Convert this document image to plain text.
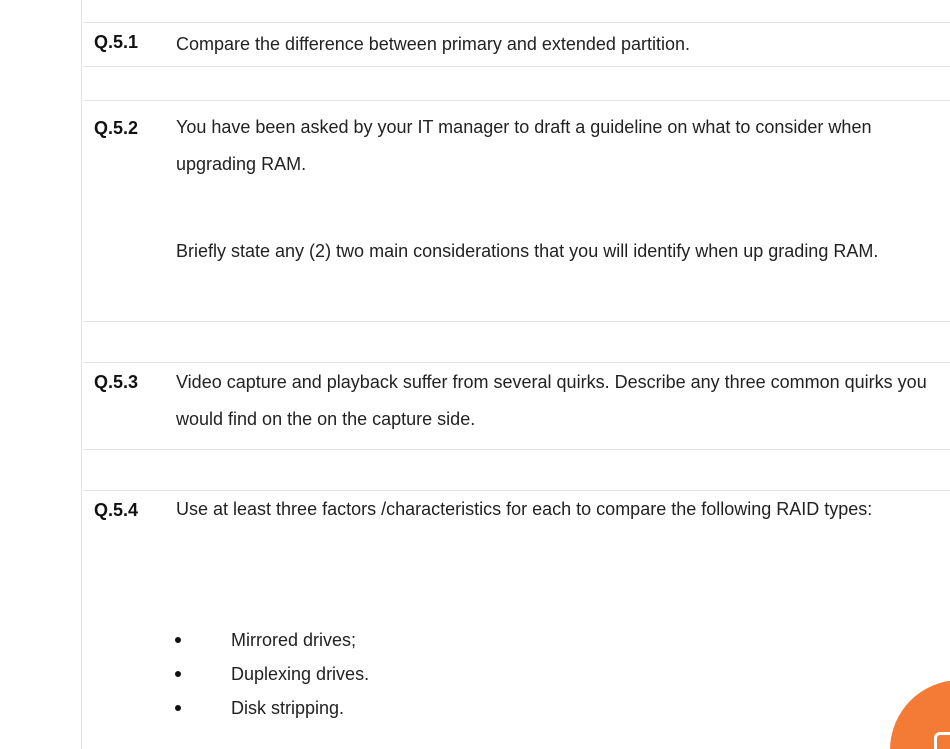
Q.5.1 Compare the difference between primary and extended partition.
Q.5.2 You have been asked by your IT manager to draft a guideline on what to consider when upgrading RAM.
Briefly state any (2) two main considerations that you will identify when up grading RAM.
Q.5.3 Video capture and playback suffer from several quirks. Describe any three common quirks you would find on the on the capture side.
Q.5.4 Use at least three factors /characteristics for each to compare the following RAID types:
Mirrored drives;
Duplexing drives.
Disk stripping.
